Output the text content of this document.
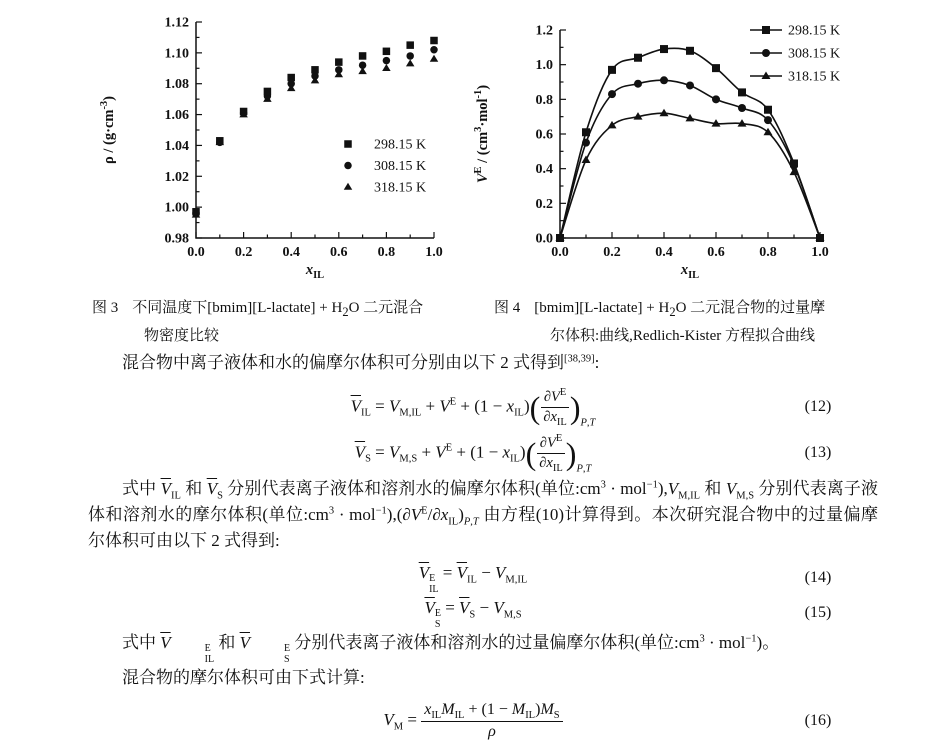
0.98
1.00
1.02
1.04
1.06
1.08
1.10
1.12
0.0 0.2 0.4 0.6 0.8 1.0
$\rho / (g\cdot cm^{-3})$
$x_{IL}$
298.15 K
308.15 K
318.15 K
0.0
0.2
0.4
0.6
0.8
1.0
1.2
0.0 0.2 0.4 0.6 0.8 1.0
$V^E / (cm^3\cdot mol^{-1})$
$x_{IL}$
298.15 K
308.15 K
318.15 K
图 3 不同温度下[bmim][L-lactate] + $H_2O$ 二元混合
物密度比较
图 4 [bmim][L-lactate] + $H_2O$ 二元混合物的过量摩
尔体积:曲线,Redlich-Kister 方程拟合曲线

混合物中离子液体和水的偏摩尔体积可分别由以下 2 式得到[38,39]:

$\overline{V}_{IL} = V_{M,IL} + V^E + (1 - x_{IL})( \frac{\partial V^E}{\partial x_{IL}} )_{P,T}$
(12)
$\overline{V}_S = V_{M,S} + V^E + (1 - x_{IL})( \frac{\partial V^E}{\partial x_{IL}} )_{P,T}$
(13)

式中 $\overline{V}_{IL}$ 和 $\overline{V}_S$ 分别代表离子液体和溶剂水的偏摩尔体积(单位$:cm^3 \cdot mol^{-1}),V_{M,IL}$ 和 $V_{M,S}$ 分别代表离子液体和溶剂水的摩尔体积(单位$:cm^3 \cdot mol^{-1}),(\partial V^E/\partial x_{IL})_{P,T}$ 由方程(10)计算得到。本次研究混合物中的过量偏摩尔体积可由以下 2 式得到:

$\overline{V}$ E
IL
= $\overline{V}_{IL} - V_{M,IL}$	(14)
$\overline{V}$ E
S
= $\overline{V}_S - V_{M,S}$	(15)

式中 $\overline{V}$	E
IL
和 $\overline{V}$	E
S
分别代表离子液体和溶剂水的过量偏摩尔体积(单位$:cm^3 \cdot mol^{-1}$)。

混合物的摩尔体积可由下式计算:

$V_M = \frac{x_{IL}M_{IL} + (1 - M_{IL})M_S}{\rho}$	(16)
